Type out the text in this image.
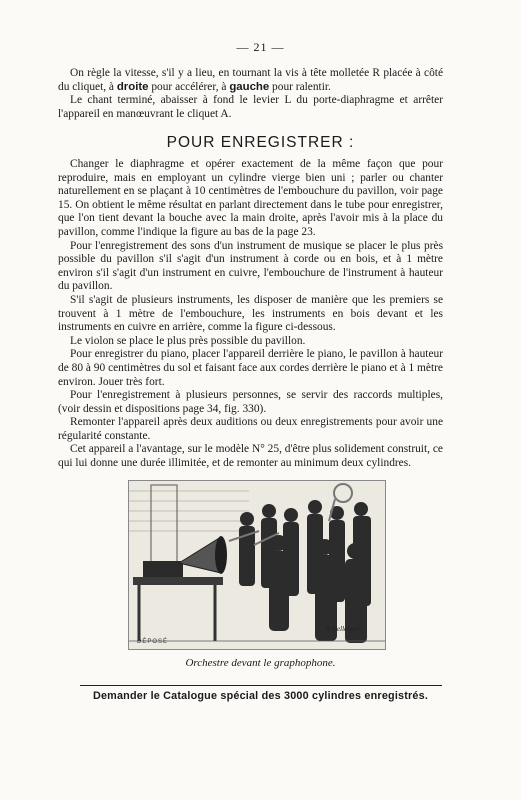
— 21 —

On règle la vitesse, s'il y a lieu, en tournant la vis à tête molletée R placée à côté du cliquet, à droite pour accélérer, à gauche pour ralentir.

Le chant terminé, abaisser à fond le levier L du porte-diaphragme et arrêter l'appareil en manœuvrant le cliquet A.

POUR ENREGISTRER :

Changer le diaphragme et opérer exactement de la même façon que pour reproduire, mais en employant un cylindre vierge bien uni ; parler ou chanter naturellement en se plaçant à 10 centimètres de l'embouchure du pavillon, voir page 15. On obtient le même résultat en parlant directement dans le tube pour enregistrer, que l'on tient devant la bouche avec la main droite, après l'avoir mis à la place du pavillon, comme l'indique la figure au bas de la page 23.

Pour l'enregistrement des sons d'un instrument de musique se placer le plus près possible du pavillon s'il s'agit d'un instrument à corde ou en bois, et à 1 mètre environ s'il s'agit d'un instrument en cuivre, l'embouchure de l'instrument à hauteur du pavillon.

S'il s'agit de plusieurs instruments, les disposer de manière que les premiers se trouvent à 1 mètre de l'embouchure, les instruments en bois devant et les instruments en cuivre en arrière, comme la figure ci-dessous.

Le violon se place le plus près possible du pavillon.

Pour enregistrer du piano, placer l'appareil derrière le piano, le pavillon à hauteur de 80 à 90 centimètres du sol et faisant face aux cordes derrière le piano et à 1 mètre environ. Jouer très fort.

Pour l'enregistrement à plusieurs personnes, se servir des raccords multiples, (voir dessin et dispositions page 34, fig. 330).

Remonter l'appareil après deux auditions ou deux enregistrements pour avoir une régularité constante.

Cet appareil a l'avantage, sur le modèle N° 25, d'être plus solidement construit, ce qui lui donne une durée illimitée, et de remonter au minimum deux cylindres.

A. Bellenger
DÉPOSÉ
Orchestre devant le graphophone.
Demander le Catalogue spécial des 3000 cylindres enregistrés.
